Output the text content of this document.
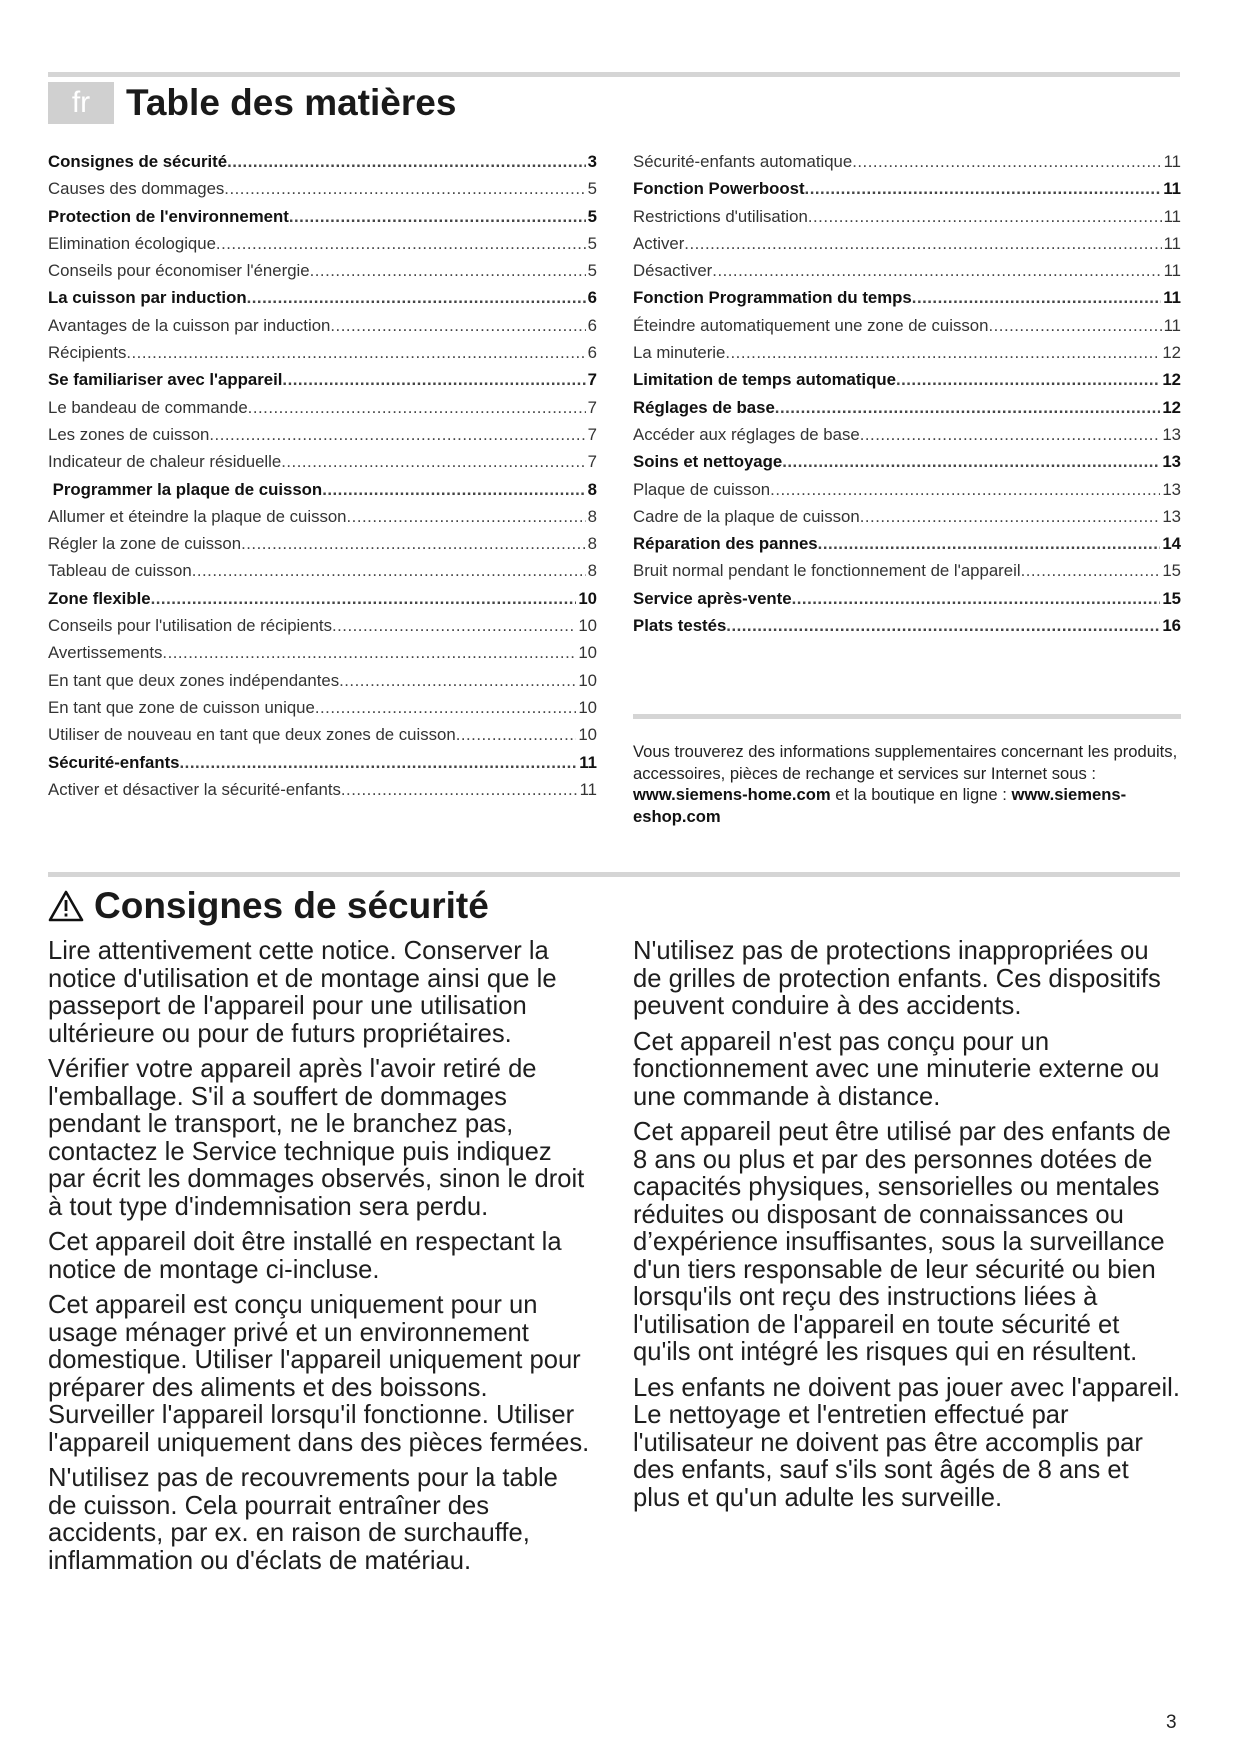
fr Table des matières
Consignes de sécurité .....	3
Causes des dommages .....	5
Protection de l'environnement .....	5
Elimination écologique .....	5
Conseils pour économiser l'énergie .....	5
La cuisson par induction .....	6
Avantages de la cuisson par induction .....	6
Récipients .....	6
Se familiariser avec l'appareil .....	7
Le bandeau de commande .....	7
Les zones de cuisson .....	7
Indicateur de chaleur résiduelle .....	7
Programmer la plaque de cuisson .....	8
Allumer et éteindre la plaque de cuisson .....	8
Régler la zone de cuisson .....	8
Tableau de cuisson .....	8
Zone flexible .....	10
Conseils pour l'utilisation de récipients .....	10
Avertissements .....	10
En tant que deux zones indépendantes .....	10
En tant que zone de cuisson unique .....	10
Utiliser de nouveau en tant que deux zones de cuisson .....	10
Sécurité-enfants .....	11
Activer et désactiver la sécurité-enfants .....	11
Sécurité-enfants automatique .....	11
Fonction Powerboost .....	11
Restrictions d'utilisation .....	11
Activer .....	11
Désactiver .....	11
Fonction Programmation du temps .....	11
Éteindre automatiquement une zone de cuisson .....	11
La minuterie .....	12
Limitation de temps automatique .....	12
Réglages de base .....	12
Accéder aux réglages de base .....	13
Soins et nettoyage .....	13
Plaque de cuisson .....	13
Cadre de la plaque de cuisson .....	13
Réparation des pannes .....	14
Bruit normal pendant le fonctionnement de l'appareil .....	15
Service après-vente .....	15
Plats testés .....	16
Vous trouverez des informations supplementaires concernant les produits, accessoires, pièces de rechange et services sur Internet sous : www.siemens-home.com et la boutique en ligne : www.siemens-eshop.com
Consignes de sécurité

Lire attentivement cette notice. Conserver la notice d'utilisation et de montage ainsi que le passeport de l'appareil pour une utilisation ultérieure ou pour de futurs propriétaires.

Vérifier votre appareil après l'avoir retiré de l'emballage. S'il a souffert de dommages pendant le transport, ne le branchez pas, contactez le Service technique puis indiquez par écrit les dommages observés, sinon le droit à tout type d'indemnisation sera perdu.

Cet appareil doit être installé en respectant la notice de montage ci-incluse.

Cet appareil est conçu uniquement pour un usage ménager privé et un environnement domestique. Utiliser l'appareil uniquement pour préparer des aliments et des boissons. Surveiller l'appareil lorsqu'il fonctionne. Utiliser l'appareil uniquement dans des pièces fermées.

N'utilisez pas de recouvrements pour la table de cuisson. Cela pourrait entraîner des accidents, par ex. en raison de surchauffe, inflammation ou d'éclats de matériau.

N'utilisez pas de protections inappropriées ou de grilles de protection enfants. Ces dispositifs peuvent conduire à des accidents.

Cet appareil n'est pas conçu pour un fonctionnement avec une minuterie externe ou une commande à distance.

Cet appareil peut être utilisé par des enfants de 8 ans ou plus et par des personnes dotées de capacités physiques, sensorielles ou mentales réduites ou disposant de connaissances ou d’expérience insuffisantes, sous la surveillance d'un tiers responsable de leur sécurité ou bien lorsqu'ils ont reçu des instructions liées à l'utilisation de l'appareil en toute sécurité et qu'ils ont intégré les risques qui en résultent.

Les enfants ne doivent pas jouer avec l'appareil. Le nettoyage et l'entretien effectué par l'utilisateur ne doivent pas être accomplis par des enfants, sauf s'ils sont âgés de 8 ans et plus et qu'un adulte les surveille.

3
